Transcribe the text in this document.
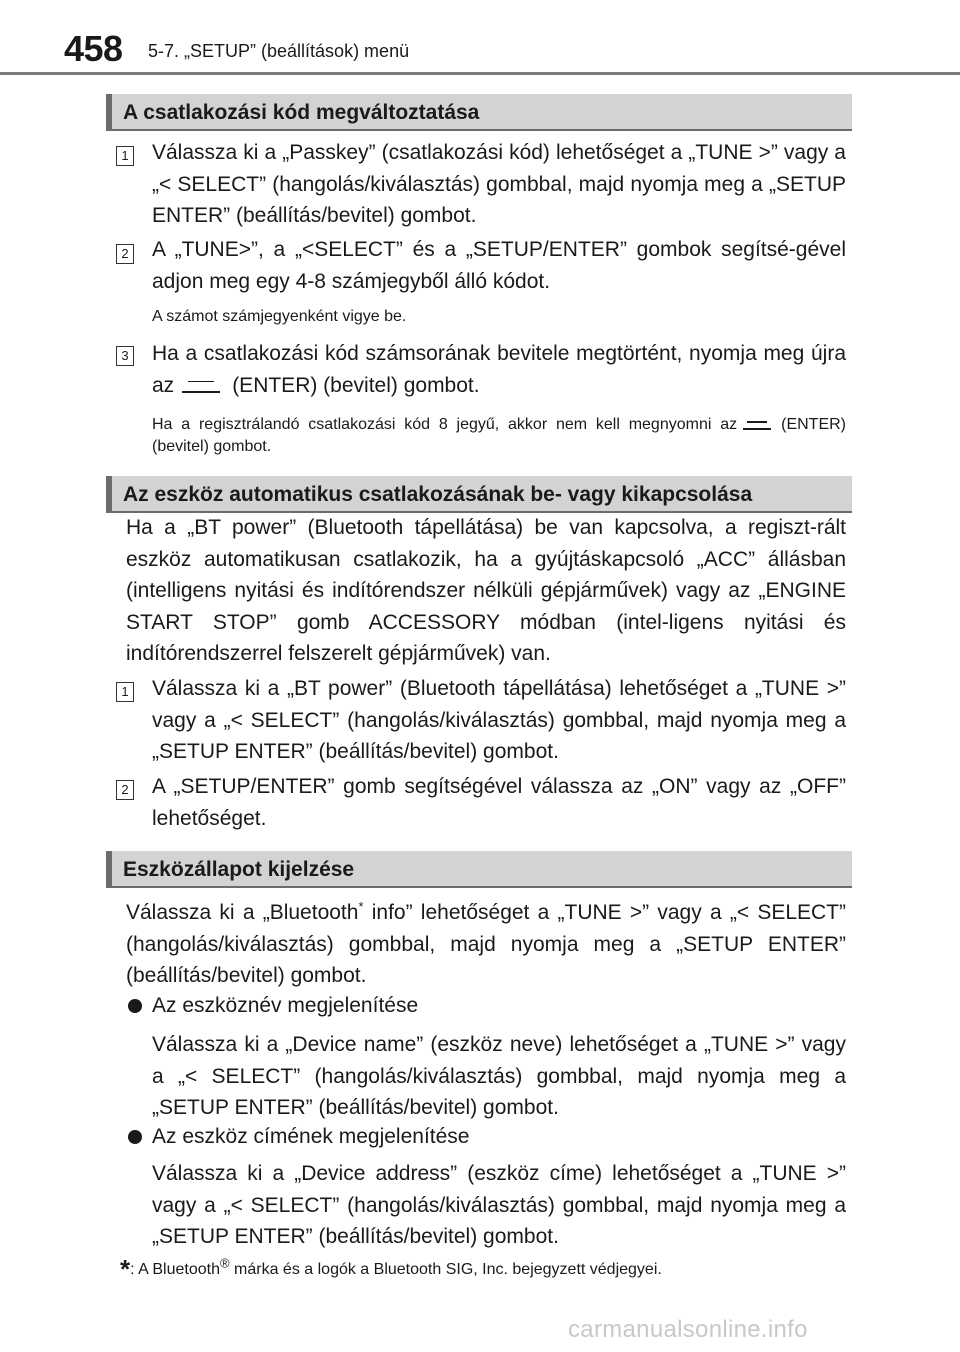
458 5-7. „SETUP” (beállítások) menü
A csatlakozási kód megváltoztatása
1 Válassza ki a „Passkey” (csatlakozási kód) lehetőséget a „TUNE >” vagy a „< SELECT” (hangolás/kiválasztás) gombbal, majd nyomja meg a „SETUP ENTER” (beállítás/bevitel) gombot.
2 A „TUNE>”, a „<SELECT” és a „SETUP/ENTER” gombok segítsé-gével adjon meg egy 4-8 számjegyből álló kódot.
A számot számjegyenként vigye be.
3 Ha a csatlakozási kód számsorának bevitele megtörtént, nyomja meg újra az	(ENTER) (bevitel) gombot.
Ha a regisztrálandó csatlakozási kód 8 jegyű, akkor nem kell megnyomni az	(ENTER) (bevitel) gombot.
Az eszköz automatikus csatlakozásának be- vagy kikapcsolása
Ha a „BT power” (Bluetooth tápellátása) be van kapcsolva, a regiszt-rált eszköz automatikusan csatlakozik, ha a gyújtáskapcsoló „ACC” állásban (intelligens nyitási és indítórendszer nélküli gépjárművek) vagy az „ENGINE START STOP” gomb ACCESSORY módban (intel-ligens nyitási és indítórendszerrel felszerelt gépjárművek) van.
1 Válassza ki a „BT power” (Bluetooth tápellátása) lehetőséget a „TUNE >” vagy a „< SELECT” (hangolás/kiválasztás) gombbal, majd nyomja meg a „SETUP ENTER” (beállítás/bevitel) gombot.
2 A „SETUP/ENTER” gomb segítségével válassza az „ON” vagy az „OFF” lehetőséget.
Eszközállapot kijelzése
Válassza ki a „Bluetooth* info” lehetőséget a „TUNE >” vagy a „< SELECT” (hangolás/kiválasztás) gombbal, majd nyomja meg a „SETUP ENTER” (beállítás/bevitel) gombot.
Az eszköznév megjelenítése
Válassza ki a „Device name” (eszköz neve) lehetőséget a „TUNE >” vagy a „< SELECT” (hangolás/kiválasztás) gombbal, majd nyomja meg a „SETUP ENTER” (beállítás/bevitel) gombot.
Az eszköz címének megjelenítése
Válassza ki a „Device address” (eszköz címe) lehetőséget a „TUNE >” vagy a „< SELECT” (hangolás/kiválasztás) gombbal, majd nyomja meg a „SETUP ENTER” (beállítás/bevitel) gombot.
*: A Bluetooth® márka és a logók a Bluetooth SIG, Inc. bejegyzett védjegyei.
carmanualsonline.info
